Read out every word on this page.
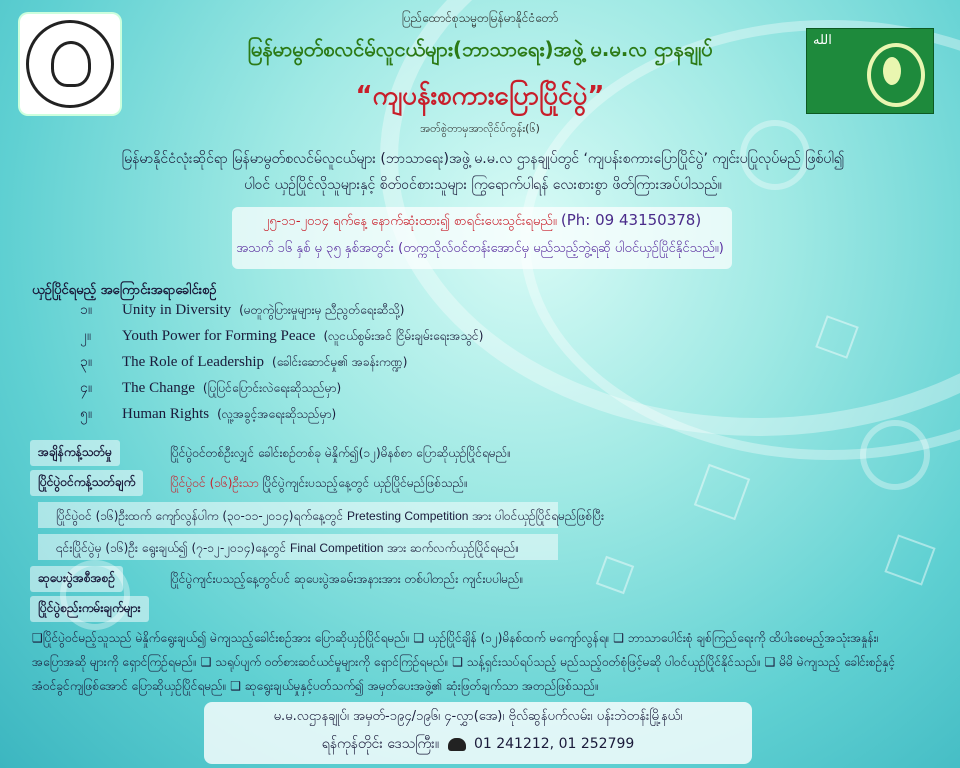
الله
ပြည်ထောင်စုသမ္မတမြန်မာနိုင်ငံတော်
မြန်မာမွတ်စလင်မ်လူငယ်များ(ဘာသာရေး)အဖွဲ့ မ.မ.လ ဌာနချုပ်
“ကျပန်းစကားပြောပြိုင်ပွဲ”
အတ်စွဲတာမှအာလိုင်ပ်ကွန်း(၆)
မြန်မာနိုင်ငံလုံးဆိုင်ရာ မြန်မာမွတ်စလင်မ်လူငယ်များ (ဘာသာရေး)အဖွဲ့ မ.မ.လ ဌာနချုပ်တွင် ‘ကျပန်းစကားပြောပြိုင်ပွဲ’ ကျင်းပပြုလုပ်မည် ဖြစ်ပါ၍
ပါဝင် ယှဉ်ပြိုင်လိုသူများနှင့် စိတ်ဝင်စားသူများ ကြွရောက်ပါရန် လေးစားစွာ ဖိတ်ကြားအပ်ပါသည်။
၂၅-၁၁-၂၀၁၄ ရက်နေ့ နောက်ဆုံးထား၍ စာရင်းပေးသွင်းရမည်။ (Ph: 09 43150378)
အသက် ၁၆ နှစ် မှ ၃၅ နှစ်အတွင်း (တက္ကသိုလ်ဝင်တန်းအောင်မှ မည်သည့်ဘွဲ့ရဆို ပါဝင်ယှဉ်ပြိုင်နိုင်သည်။)
ယှဉ်ပြိုင်ရမည့် အကြောင်းအရာခေါင်းစဉ်
၁။ Unity in Diversity (မတူကွဲပြားမှုများမှ ညီညွတ်ရေးဆီသို့)
၂။ Youth Power for Forming Peace (လူငယ်စွမ်းအင် ငြိမ်းချမ်းရေးအသွင်)
၃။ The Role of Leadership (ခေါင်းဆောင်မှု၏ အခန်းကဏ္ဍ)
၄။ The Change (ပြုပြင်ပြောင်းလဲရေးဆိုသည်မှာ)
၅။ Human Rights (လူ့အခွင့်အရေးဆိုသည်မှာ)
အချိန်ကန့်သတ်မှု	ပြိုင်ပွဲဝင်တစ်ဦးလျှင် ခေါင်းစဉ်တစ်ခု မဲနှိုက်၍(၁၂)မိနစ်စာ ပြောဆိုယှဉ်ပြိုင်ရမည်။
ပြိုင်ပွဲဝင်ကန့်သတ်ချက်	ပြိုင်ပွဲဝင် (၁၆)ဦးသာ ပြိုင်ပွဲကျင်းပသည့်နေ့တွင် ယှဉ်ပြိုင်မည်ဖြစ်သည်။
ပြိုင်ပွဲဝင် (၁၆)ဦးထက် ကျော်လွန်ပါက (၃၀-၁၁-၂၀၁၄)ရက်နေ့တွင် Pretesting Competition အား ပါဝင်ယှဉ်ပြိုင်ရမည်ဖြစ်ပြီး
၎င်းပြိုင်ပွဲမှ (၁၆)ဦး ရွေးချယ်၍ (၇-၁၂-၂၀၁၄)နေ့တွင် Final Competition အား ဆက်လက်ယှဉ်ပြိုင်ရမည်။
ဆုပေးပွဲအစီအစဉ်	ပြိုင်ပွဲကျင်းပသည့်နေ့တွင်ပင် ဆုပေးပွဲအခမ်းအနားအား တစ်ပါတည်း ကျင်းပပါမည်။
ပြိုင်ပွဲစည်းကမ်းချက်များ
❑ပြိုင်ပွဲဝင်မည့်သူသည် မဲနှိုက်ရွေးချယ်၍ မဲကျသည့်ခေါင်းစဉ်အား ပြောဆိုယှဉ်ပြိုင်ရမည်။ ❑ ယှဉ်ပြိုင်ချိန် (၁၂)မိနစ်ထက် မကျော်လွန်ရ။ ❑ ဘာသာပေါင်းစုံ ချစ်ကြည်ရေးကို ထိပါးစေမည့်အသုံးအနှုန်း၊ အပြောအဆို များကို ရှောင်ကြဉ်ရမည်။ ❑ သရုပ်ပျက် ဝတ်စားဆင်ယင်မှုများကို ရှောင်ကြဉ်ရမည်။ ❑ သန့်ရှင်းသပ်ရပ်သည့် မည်သည့်ဝတ်စုံဖြင့်မဆို ပါဝင်ယှဉ်ပြိုင်နိုင်သည်။ ❑ မိမိ မဲကျသည့် ခေါင်းစဉ်နှင့် အံဝင်ခွင်ကျဖြစ်အောင် ပြောဆိုယှဉ်ပြိုင်ရမည်။ ❑ ဆုရွေးချယ်မှုနှင့်ပတ်သက်၍ အမှတ်ပေးအဖွဲ့၏ ဆုံးဖြတ်ချက်သာ အတည်ဖြစ်သည်။
မ.မ.လဌာနချုပ်၊ အမှတ်-၁၉၄/၁၉၆၊ ၄-လွှာ(အေ)၊ ဗိုလ်ဆွန်ပက်လမ်း၊ ပန်းဘဲတန်းမြို့နယ်၊
ရန်ကုန်တိုင်း ဒေသကြီး။ 01 241212, 01 252799
